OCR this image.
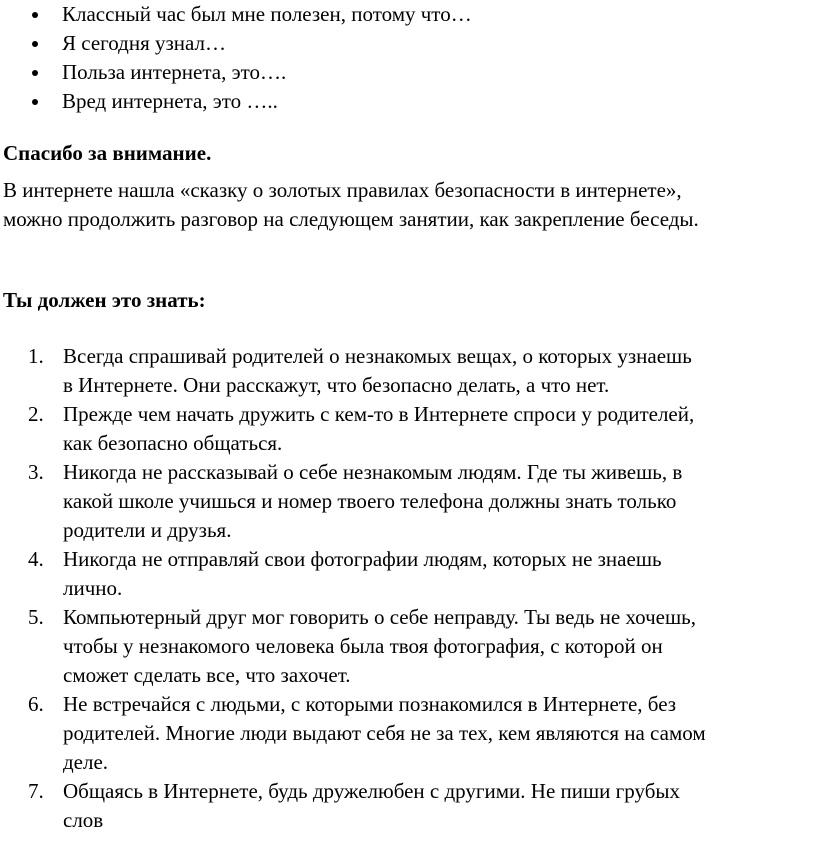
Классный час был мне полезен, потому что…
Я сегодня узнал…
Польза интернета, это….
Вред интернета, это …..
Спасибо за внимание.

В интернете нашла «сказку о золотых правилах безопасности в интернете»,

можно продолжить разговор на следующем занятии, как закрепление беседы.

Ты должен это знать:
1. Всегда спрашивай родителей о незнакомых вещах, о которых узнаешь
в Интернете. Они расскажут, что безопасно делать, а что нет.
2. Прежде чем начать дружить с кем-то в Интернете спроси у родителей,
как безопасно общаться.
3. Никогда не рассказывай о себе незнакомым людям. Где ты живешь, в
какой школе учишься и номер твоего телефона должны знать только
родители и друзья.
4. Никогда не отправляй свои фотографии людям, которых не знаешь
лично.
5. Компьютерный друг мог говорить о себе неправду. Ты ведь не хочешь,
чтобы у незнакомого человека была твоя фотография, с которой он
сможет сделать все, что захочет.
6. Не встречайся с людьми, с которыми познакомился в Интернете, без
родителей. Многие люди выдают себя не за тех, кем являются на самом
деле.
7. Общаясь в Интернете, будь дружелюбен с другими. Не пиши грубых
слов
